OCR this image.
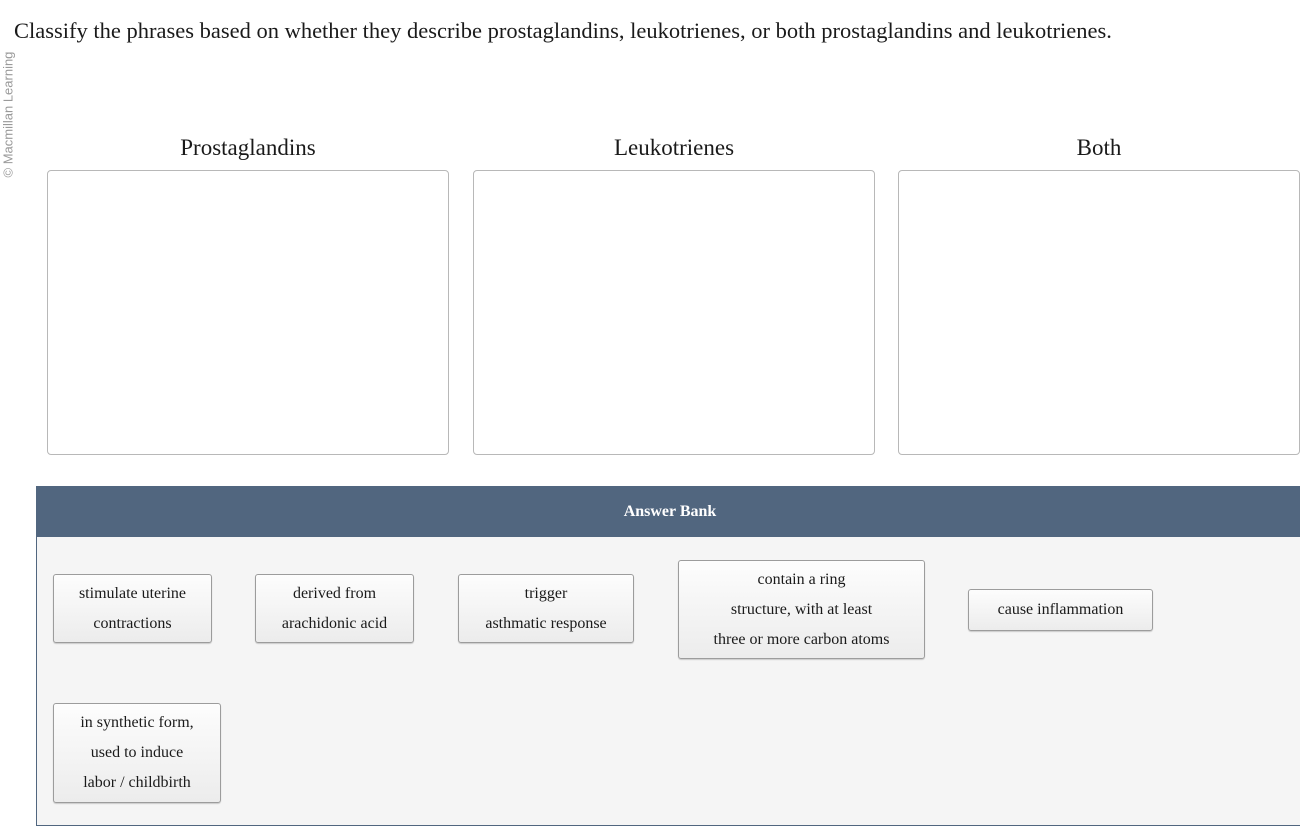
© Macmillan Learning
Classify the phrases based on whether they describe prostaglandins, leukotrienes, or both prostaglandins and leukotrienes.
Prostaglandins	Leukotrienes	Both
Answer Bank
stimulate uterine
contractions
derived from
arachidonic acid
trigger
asthmatic response
contain a ring
structure, with at least
three or more carbon atoms
cause inflammation
in synthetic form,
used to induce
labor / childbirth
